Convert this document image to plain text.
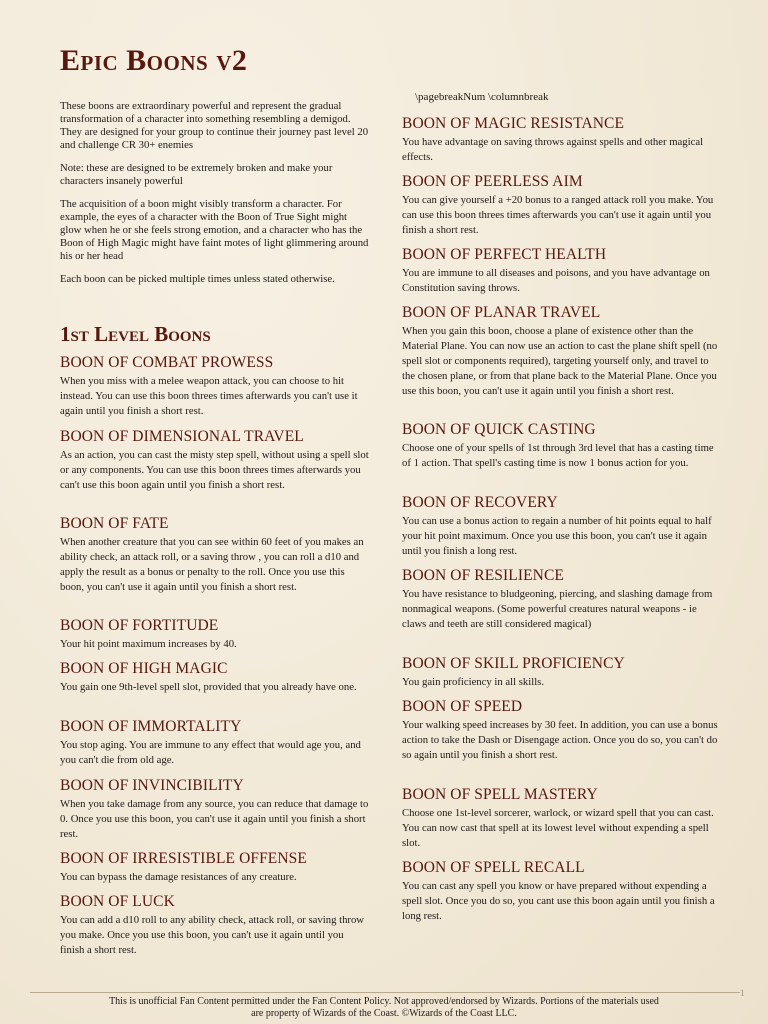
Epic Boons v2

These boons are extraordinary powerful and represent the gradual transformation of a character into something resembling a demigod. They are designed for your group to continue their journey past level 20 and challenge CR 30+ enemies

Note: these are designed to be extremely broken and make your characters insanely powerful

The acquisition of a boon might visibly transform a character. For example, the eyes of a character with the Boon of True Sight might glow when he or she feels strong emotion, and a character who has the Boon of High Magic might have faint motes of light glimmering around his or her head

Each boon can be picked multiple times unless stated otherwise.

1st Level Boons
\pagebreakNum \columnbreak
BOON OF COMBAT PROWESS

When you miss with a melee weapon attack, you can choose to hit instead. You can use this boon threes times afterwards you can't use it again until you finish a short rest.

BOON OF DIMENSIONAL TRAVEL

As an action, you can cast the misty step spell, without using a spell slot or any components. You can use this boon threes times afterwards you can't use this boon again until you finish a short rest.

BOON OF FATE

When another creature that you can see within 60 feet of you makes an ability check, an attack roll, or a saving throw , you can roll a d10 and apply the result as a bonus or penalty to the roll. Once you use this boon, you can't use it again until you finish a short rest.

BOON OF FORTITUDE

Your hit point maximum increases by 40.

BOON OF HIGH MAGIC

You gain one 9th-level spell slot, provided that you already have one.

BOON OF IMMORTALITY

You stop aging. You are immune to any effect that would age you, and you can't die from old age.

BOON OF INVINCIBILITY

When you take damage from any source, you can reduce that damage to 0. Once you use this boon, you can't use it again until you finish a short rest.

BOON OF IRRESISTIBLE OFFENSE

You can bypass the damage resistances of any creature.

BOON OF LUCK

You can add a d10 roll to any ability check, attack roll, or saving throw you make. Once you use this boon, you can't use it again until you finish a short rest.

BOON OF MAGIC RESISTANCE

You have advantage on saving throws against spells and other magical effects.

BOON OF PEERLESS AIM

You can give yourself a +20 bonus to a ranged attack roll you make. You can use this boon threes times afterwards you can't use it again until you finish a short rest.

BOON OF PERFECT HEALTH

You are immune to all diseases and poisons, and you have advantage on Constitution saving throws.

BOON OF PLANAR TRAVEL

When you gain this boon, choose a plane of existence other than the Material Plane. You can now use an action to cast the plane shift spell (no spell slot or components required), targeting yourself only, and travel to the chosen plane, or from that plane back to the Material Plane. Once you use this boon, you can't use it again until you finish a short rest.

BOON OF QUICK CASTING

Choose one of your spells of 1st through 3rd level that has a casting time of 1 action. That spell's casting time is now 1 bonus action for you.

BOON OF RECOVERY

You can use a bonus action to regain a number of hit points equal to half your hit point maximum. Once you use this boon, you can't use it again until you finish a long rest.

BOON OF RESILIENCE

You have resistance to bludgeoning, piercing, and slashing damage from nonmagical weapons. (Some powerful creatures natural weapons - ie claws and teeth are still considered magical)

BOON OF SKILL PROFICIENCY

You gain proficiency in all skills.

BOON OF SPEED

Your walking speed increases by 30 feet. In addition, you can use a bonus action to take the Dash or Disengage action. Once you do so, you can't do so again until you finish a short rest.

BOON OF SPELL MASTERY

Choose one 1st-level sorcerer, warlock, or wizard spell that you can cast. You can now cast that spell at its lowest level without expending a spell slot.

BOON OF SPELL RECALL

You can cast any spell you know or have prepared without expending a spell slot. Once you do so, you cant use this boon again until you finish a long rest.

1
This is unofficial Fan Content permitted under the Fan Content Policy. Not approved/endorsed by Wizards. Portions of the materials used
are property of Wizards of the Coast. ©Wizards of the Coast LLC.
